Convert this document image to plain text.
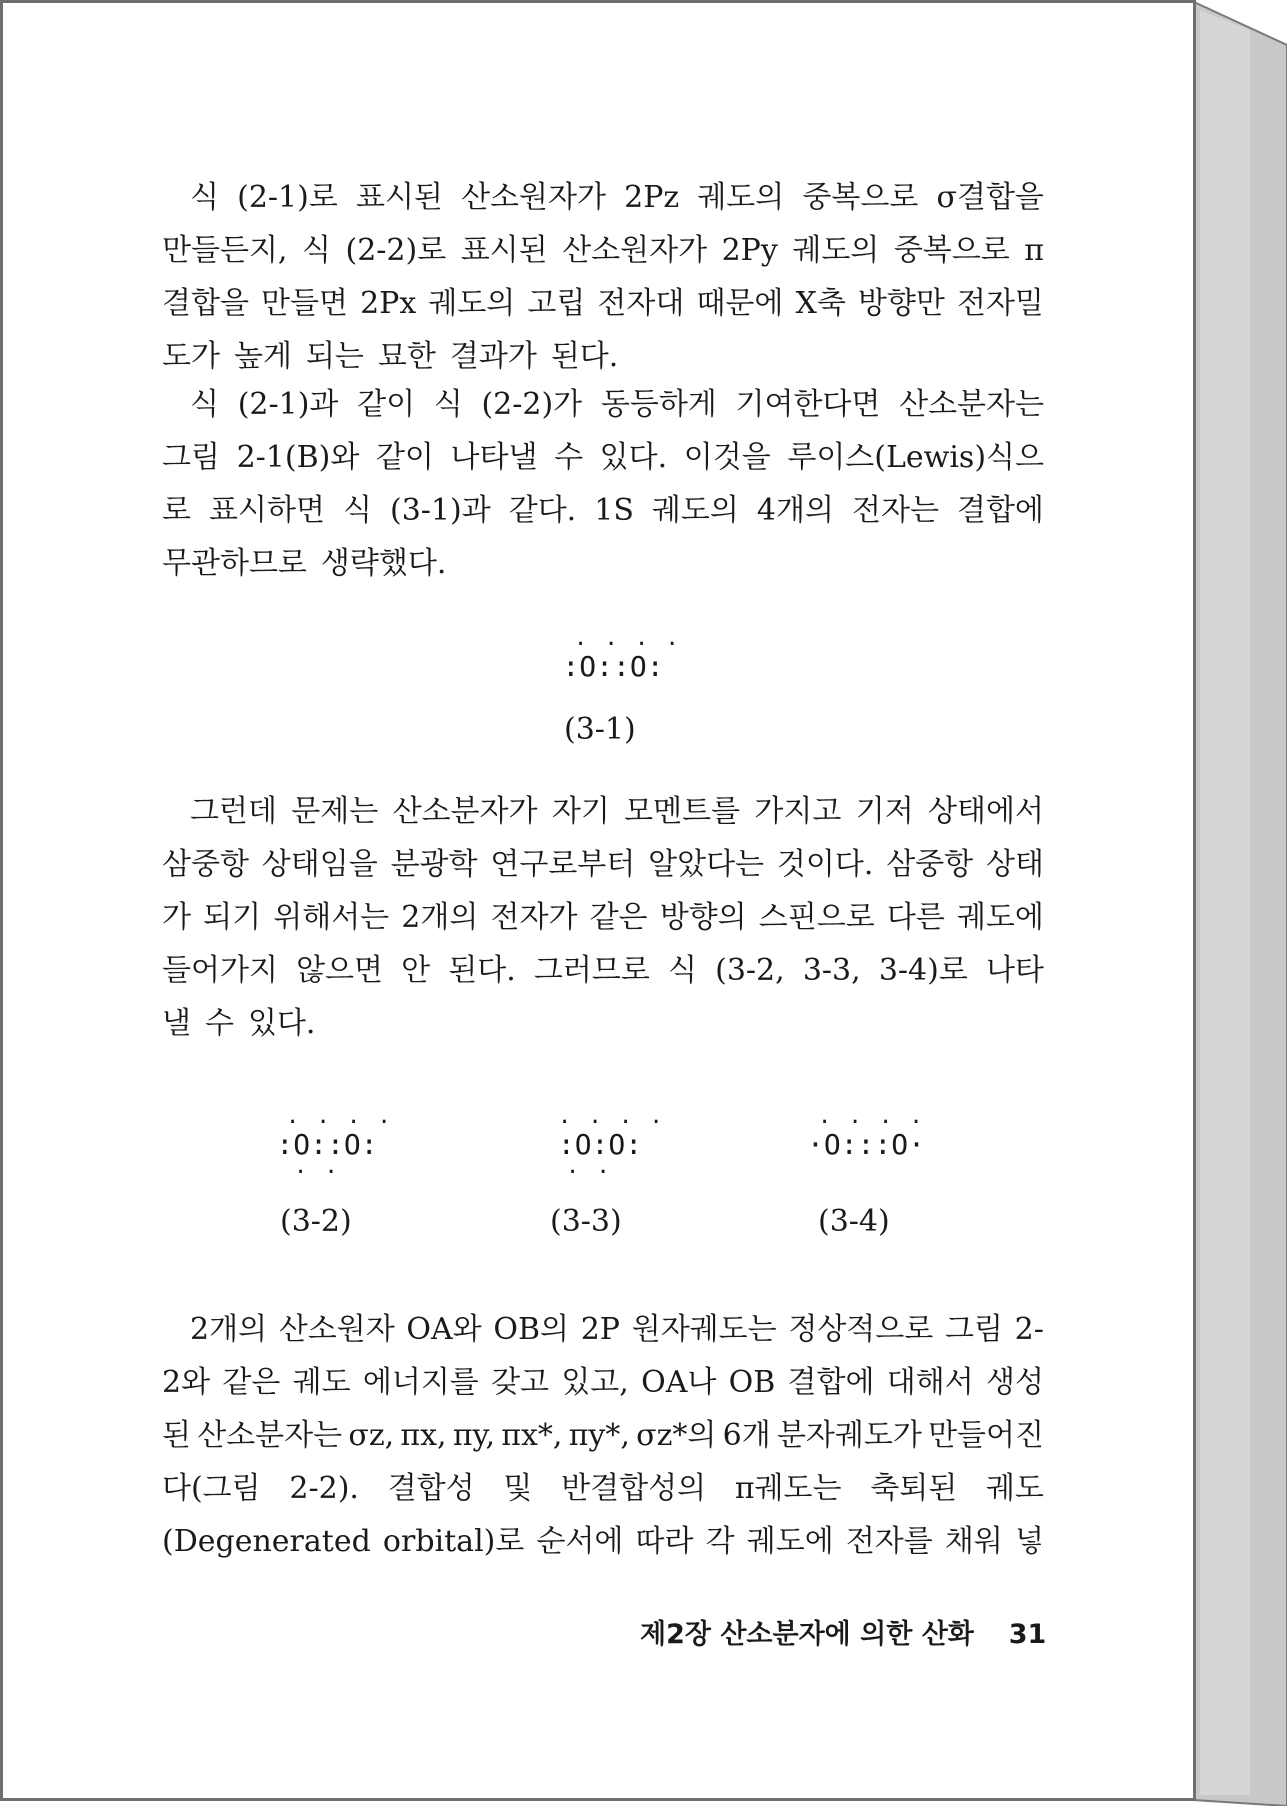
식 (2-1)로 표시된 산소원자가 2Pz 궤도의 중복으로 σ결합을
만들든지, 식 (2-2)로 표시된 산소원자가 2Py 궤도의 중복으로 π
결합을 만들면 2Px 궤도의 고립 전자대 때문에 X축 방향만 전자밀
도가 높게 되는 묘한 결과가 된다.
식 (2-1)과 같이 식 (2-2)가 동등하게 기여한다면 산소분자는
그림 2-1(B)와 같이 나타낼 수 있다. 이것을 루이스(Lewis)식으
로 표시하면 식 (3-1)과 같다. 1S 궤도의 4개의 전자는 결합에
무관하므로 생략했다.
· · · ·
:O::O:
(3-1)
그런데 문제는 산소분자가 자기 모멘트를 가지고 기저 상태에서
삼중항 상태임을 분광학 연구로부터 알았다는 것이다. 삼중항 상태
가 되기 위해서는 2개의 전자가 같은 방향의 스핀으로 다른 궤도에
들어가지 않으면 안 된다. 그러므로 식 (3-2, 3-3, 3-4)로 나타
낼 수 있다.
· · · ·
:O::O:
· ·
(3-2)
· · · ·
:O:O:
· ·
(3-3)
· · · ·
·O:::O·
(3-4)
2개의 산소원자 OA와 OB의 2P 원자궤도는 정상적으로 그림 2-
2와 같은 궤도 에너지를 갖고 있고, OA나 OB 결합에 대해서 생성
된 산소분자는 σz, πx, πy, πx*, πy*, σz*의 6개 분자궤도가 만들어진
다(그림 2-2). 결합성 및 반결합성의 π궤도는 축퇴된 궤도
(Degenerated orbital)로 순서에 따라 각 궤도에 전자를 채워 넣
제2장 산소분자에 의한 산화 31
